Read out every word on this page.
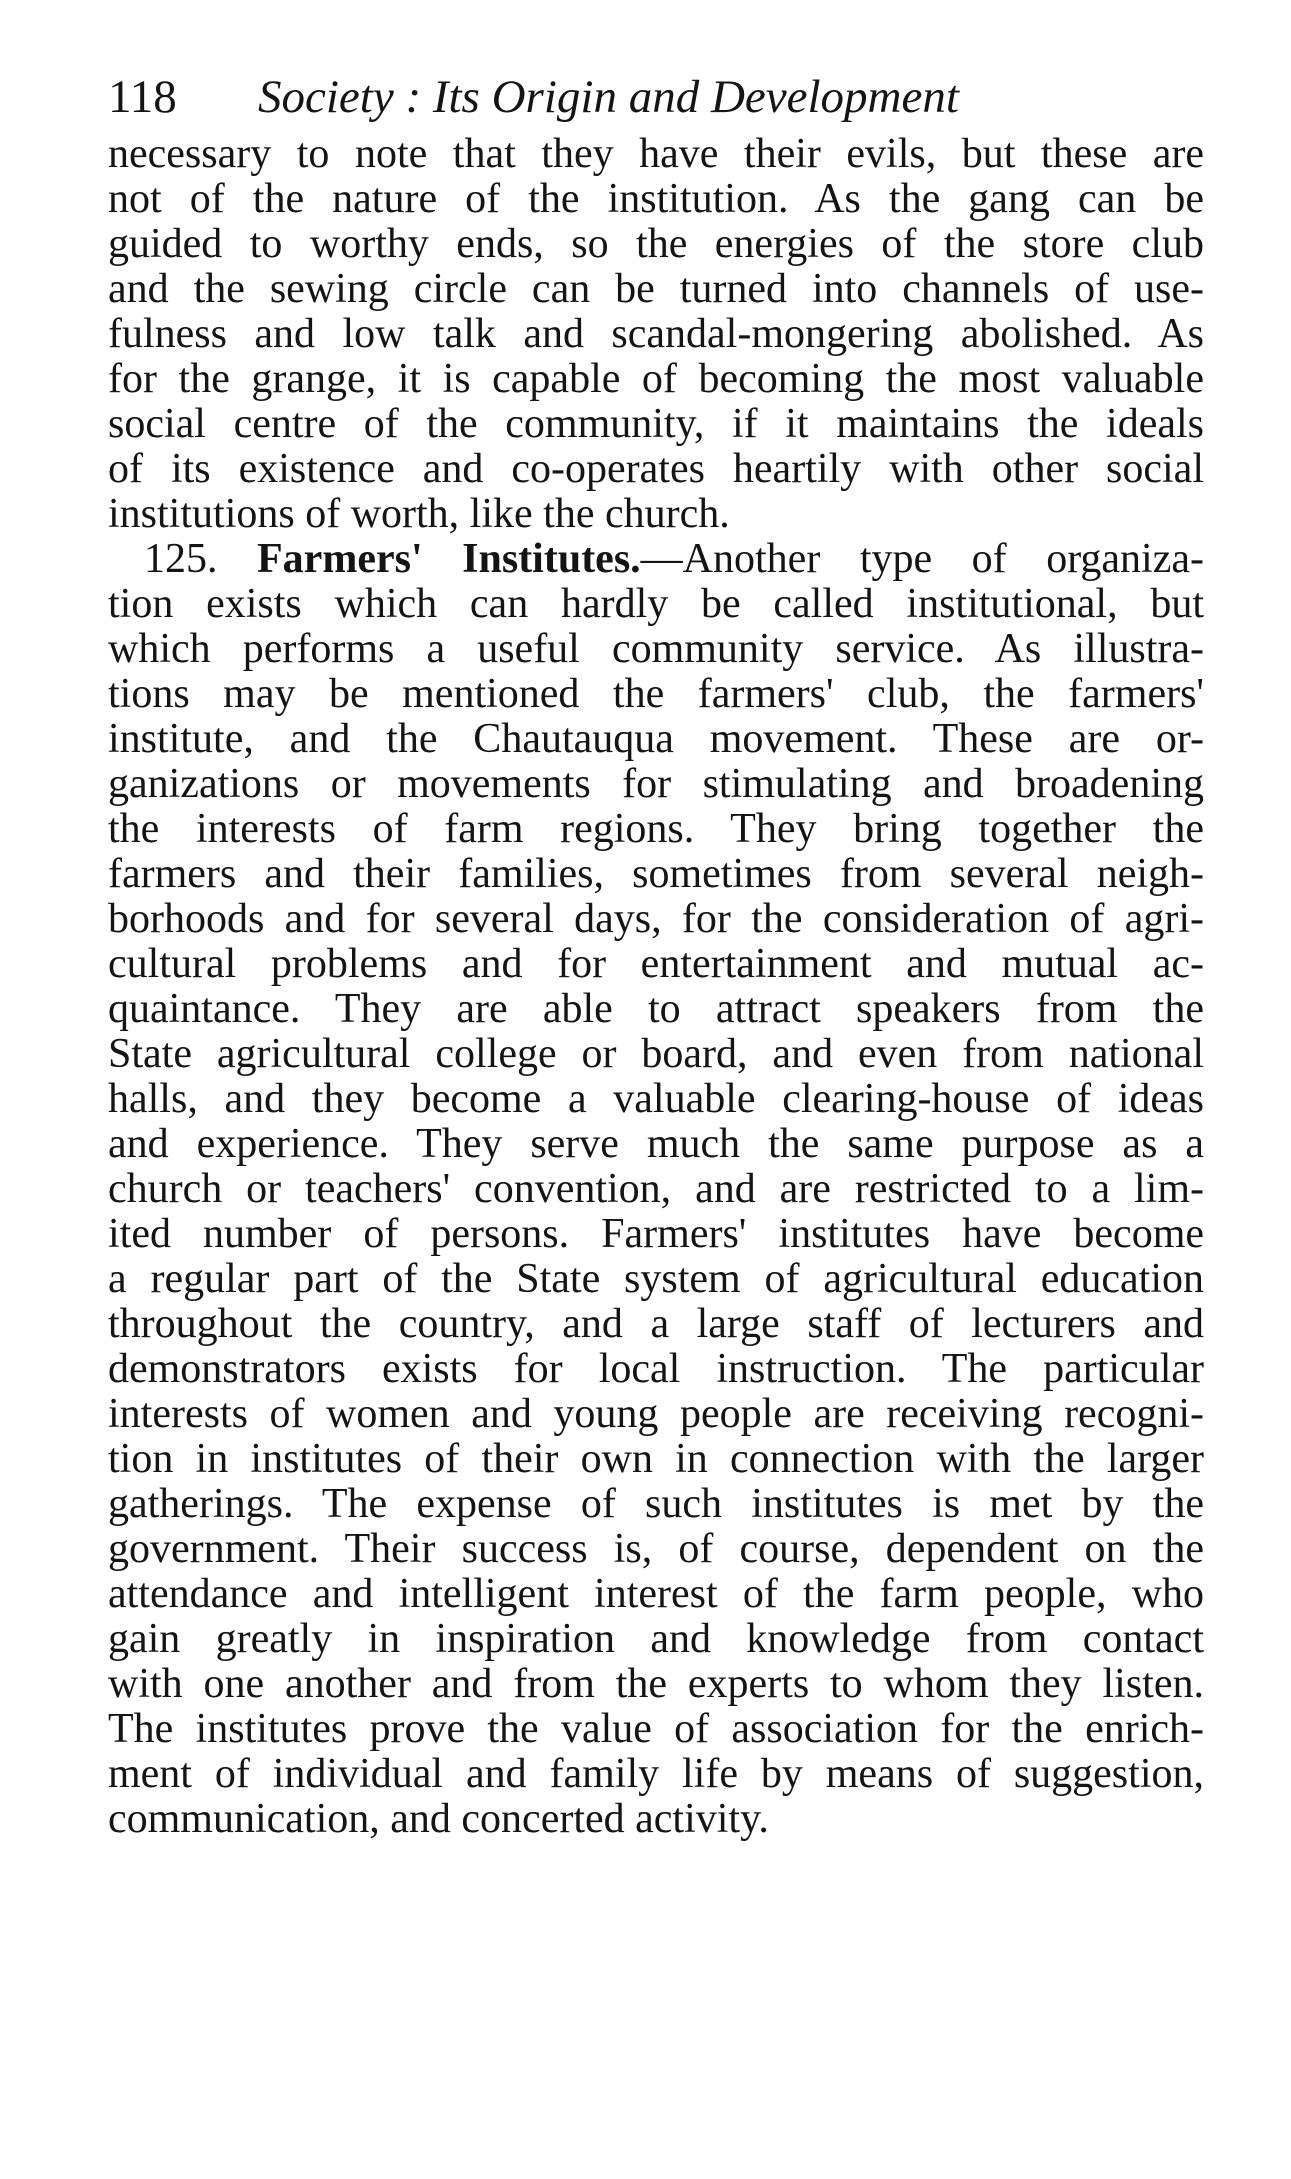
118	Society : Its Origin and Development
necessary to note that they have their evils, but these are
not of the nature of the institution. As the gang can be
guided to worthy ends, so the energies of the store club
and the sewing circle can be turned into channels of use-
fulness and low talk and scandal-mongering abolished. As
for the grange, it is capable of becoming the most valuable
social centre of the community, if it maintains the ideals
of its existence and co-operates heartily with other social
institutions of worth, like the church.
125. Farmers' Institutes.—Another type of organiza-
tion exists which can hardly be called institutional, but
which performs a useful community service. As illustra-
tions may be mentioned the farmers' club, the farmers'
institute, and the Chautauqua movement. These are or-
ganizations or movements for stimulating and broadening
the interests of farm regions. They bring together the
farmers and their families, sometimes from several neigh-
borhoods and for several days, for the consideration of agri-
cultural problems and for entertainment and mutual ac-
quaintance. They are able to attract speakers from the
State agricultural college or board, and even from national
halls, and they become a valuable clearing-house of ideas
and experience. They serve much the same purpose as a
church or teachers' convention, and are restricted to a lim-
ited number of persons. Farmers' institutes have become
a regular part of the State system of agricultural education
throughout the country, and a large staff of lecturers and
demonstrators exists for local instruction. The particular
interests of women and young people are receiving recogni-
tion in institutes of their own in connection with the larger
gatherings. The expense of such institutes is met by the
government. Their success is, of course, dependent on the
attendance and intelligent interest of the farm people, who
gain greatly in inspiration and knowledge from contact
with one another and from the experts to whom they listen.
The institutes prove the value of association for the enrich-
ment of individual and family life by means of suggestion,
communication, and concerted activity.
